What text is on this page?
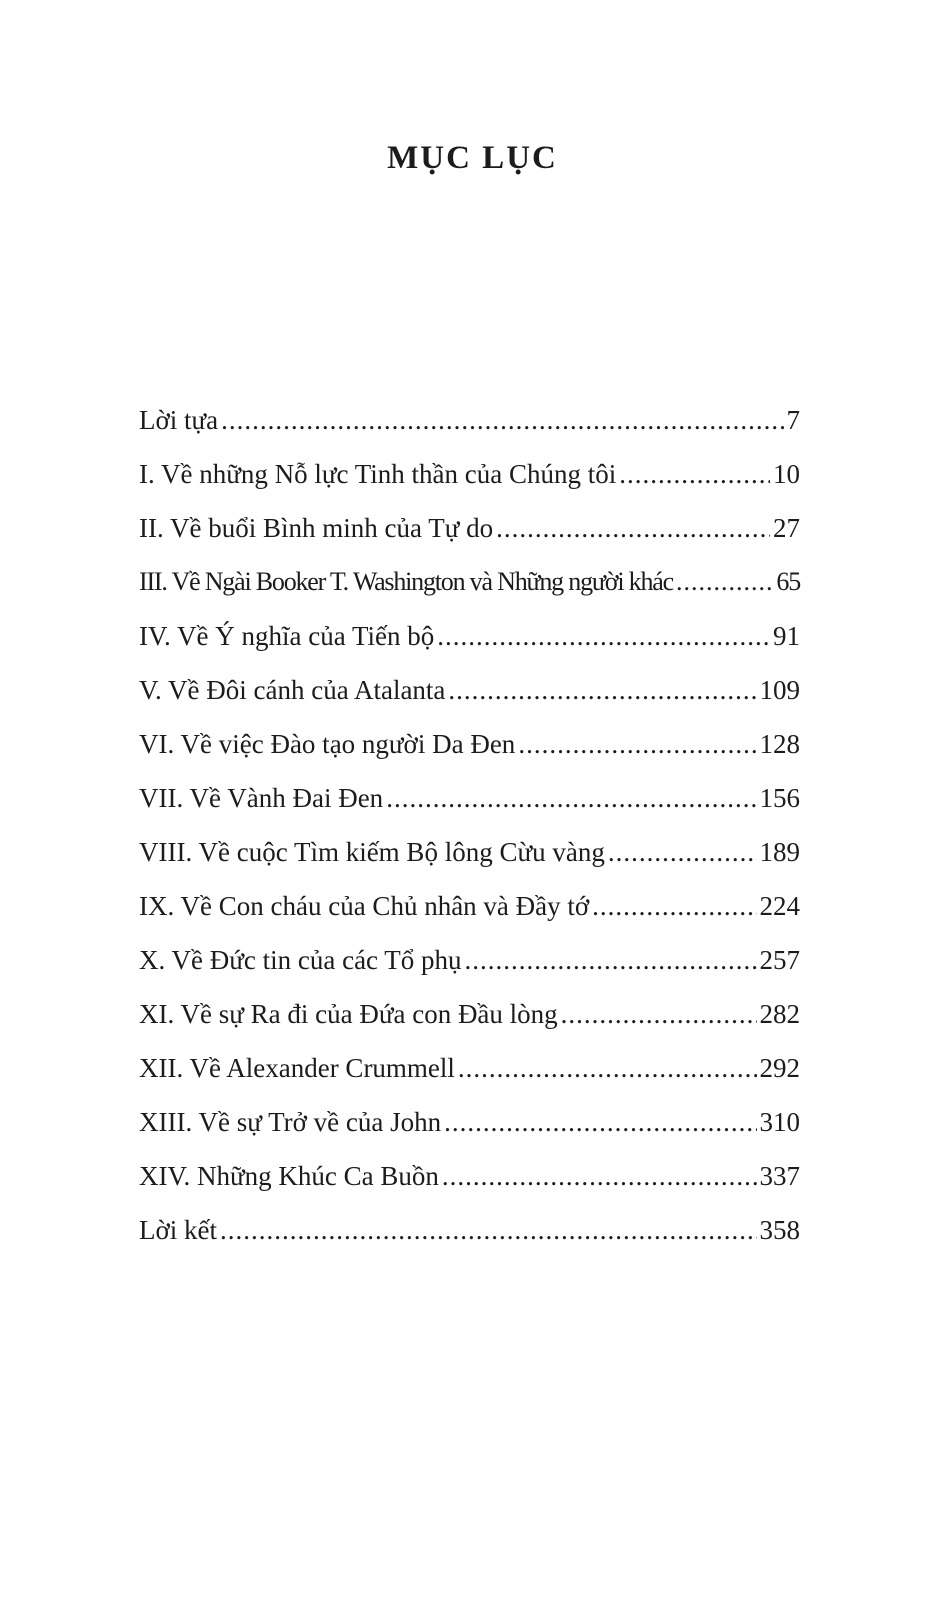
MỤC LỤC
Lời tựa .....	7
I. Về những Nỗ lực Tinh thần của Chúng tôi .....	10
II. Về buổi Bình minh của Tự do .....	27
III. Về Ngài Booker T. Washington và Những người khác .....	65
IV. Về Ý nghĩa của Tiến bộ .....	91
V. Về Đôi cánh của Atalanta .....	109
VI. Về việc Đào tạo người Da Đen .....	128
VII. Về Vành Đai Đen .....	156
VIII. Về cuộc Tìm kiếm Bộ lông Cừu vàng .....	189
IX. Về Con cháu của Chủ nhân và Đầy tớ .....	224
X. Về Đức tin của các Tổ phụ .....	257
XI. Về sự Ra đi của Đứa con Đầu lòng .....	282
XII. Về Alexander Crummell .....	292
XIII. Về sự Trở về của John .....	310
XIV. Những Khúc Ca Buồn .....	337
Lời kết .....	358
